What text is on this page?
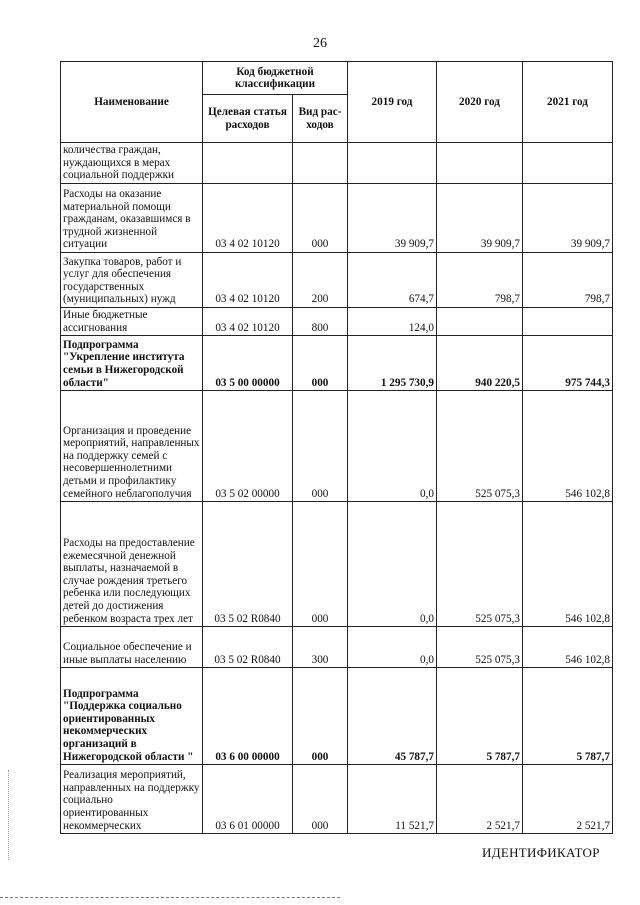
26
Наименование	Код бюджетной классификации		2019 год	2020 год	2021 год
	Целевая статья расходов	Вид рас- ходов			
количества граждан, нуждающихся в мерах социальной поддержки					
Расходы на оказание материальной помощи гражданам, оказавшимся в трудной жизненной ситуации	03 4 02 10120	000	39 909,7	39 909,7	39 909,7
Закупка товаров, работ и услуг для обеспечения государственных (муниципальных) нужд	03 4 02 10120	200	674,7	798,7	798,7
Иные бюджетные ассигнования	03 4 02 10120	800	124,0		
Подпрограмма "Укрепление института семьи в Нижегородской области"	03 5 00 00000	000	1 295 730,9	940 220,5	975 744,3
Организация и проведение мероприятий, направленных на поддержку семей с несовершеннолетними детьми и профилактику семейного неблагополучия	03 5 02 00000	000	0,0	525 075,3	546 102,8
Расходы на предоставление ежемесячной денежной выплаты, назначаемой в случае рождения третьего ребенка или последующих детей до достижения ребенком возраста трех лет	03 5 02 R0840	000	0,0	525 075,3	546 102,8
Социальное обеспечение и иные выплаты населению	03 5 02 R0840	300	0,0	525 075,3	546 102,8
Подпрограмма "Поддержка социально ориентированных некоммерческих организаций в Нижегородской области "	03 6 00 00000	000	45 787,7	5 787,7	5 787,7
Реализация мероприятий, направленных на поддержку социально ориентированных некоммерческих	03 6 01 00000	000	11 521,7	2 521,7	2 521,7
ИДЕНТИФИКАТОР
